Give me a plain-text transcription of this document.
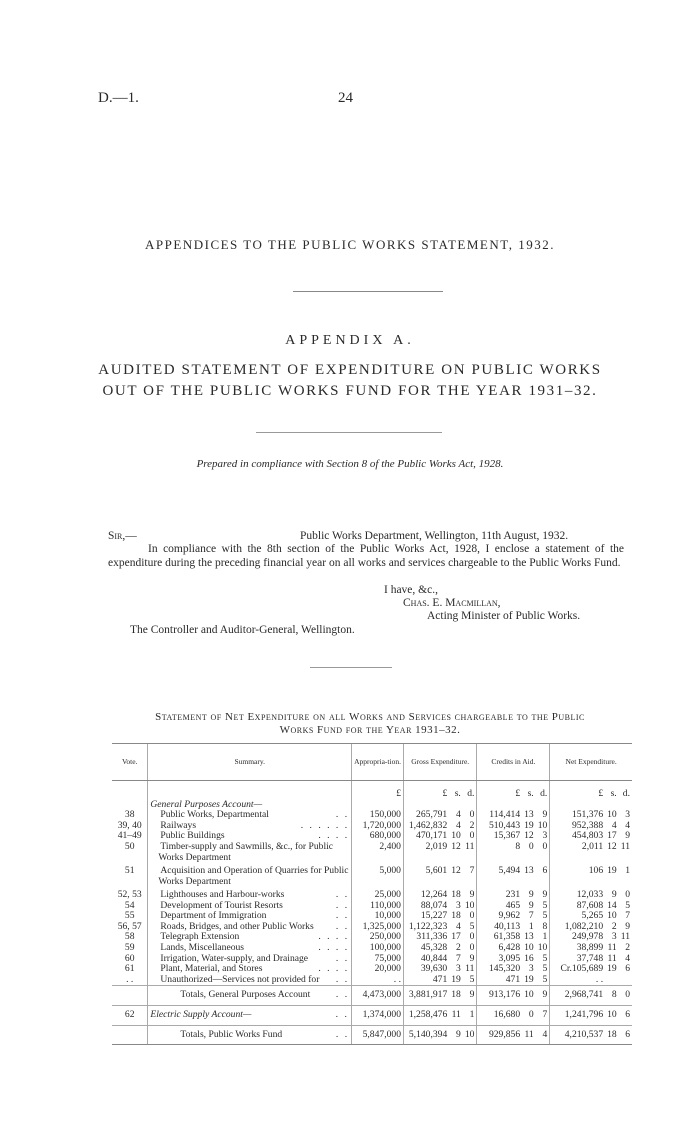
D.—1.	24
APPENDICES TO THE PUBLIC WORKS STATEMENT, 1932.
APPENDIX A.
AUDITED STATEMENT OF EXPENDITURE ON PUBLIC WORKS
OUT OF THE PUBLIC WORKS FUND FOR THE YEAR 1931–32.
Prepared in compliance with Section 8 of the Public Works Act, 1928.
Sir,—	Public Works Department, Wellington, 11th August, 1932.
In compliance with the 8th section of the Public Works Act, 1928, I enclose a statement of the expenditure during the preceding financial year on all works and services chargeable to the Public Works Fund.
I have, &c.,
Chas. E. Macmillan,
Acting Minister of Public Works.
The Controller and Auditor-General, Wellington.
Statement of Net Expenditure on all Works and Services chargeable to the Public
Works Fund for the Year 1931–32.
Vote.	Summary.	Appropria-tion.	Gross Expenditure.			Credits in Aid.			Net Expenditure.		
		£	£	s.	d.	£	s.	d.	£	s.	d.
	General Purposes Account—										
38	Public Works, Departmental . .	150,000	265,791	4	0	114,414	13	9	151,376	10	3
39, 40	Railways . . . . . .	1,720,000	1,462,832	4	2	510,443	19	10	952,388	4	4
41–49	Public Buildings . . . .	680,000	470,171	10	0	15,367	12	3	454,803	17	9
50	Timber-supply and Sawmills, &c., for Public Works Department	2,400	2,019	12	11	8	0	0	2,011	12	11
51	Acquisition and Operation of Quarries for Public Works Department	5,000	5,601	12	7	5,494	13	6	106	19	1
52, 53	Lighthouses and Harbour-works . .	25,000	12,264	18	9	231	9	9	12,033	9	0
54	Development of Tourist Resorts . .	110,000	88,074	3	10	465	9	5	87,608	14	5
55	Department of Immigration . .	10,000	15,227	18	0	9,962	7	5	5,265	10	7
56, 57	Roads, Bridges, and other Public Works . .	1,325,000	1,122,323	4	5	40,113	1	8	1,082,210	2	9
58	Telegraph Extension . . . .	250,000	311,336	17	0	61,358	13	1	249,978	3	11
59	Lands, Miscellaneous . . . .	100,000	45,328	2	0	6,428	10	10	38,899	11	2
60	Irrigation, Water-supply, and Drainage . .	75,000	40,844	7	9	3,095	16	5	37,748	11	4
61	Plant, Material, and Stores . . . .	20,000	39,630	3	11	145,320	3	5	Cr.105,689	19	6
. .	Unauthorized—Services not provided for . .	. .	471	19	5	471	19	5	. .		
	Totals, General Purposes Account . .	4,473,000	3,881,917	18	9	913,176	10	9	2,968,741	8	0
62	Electric Supply Account— . .	1,374,000	1,258,476	11	1	16,680	0	7	1,241,796	10	6
	Totals, Public Works Fund . .	5,847,000	5,140,394	9	10	929,856	11	4	4,210,537	18	6
